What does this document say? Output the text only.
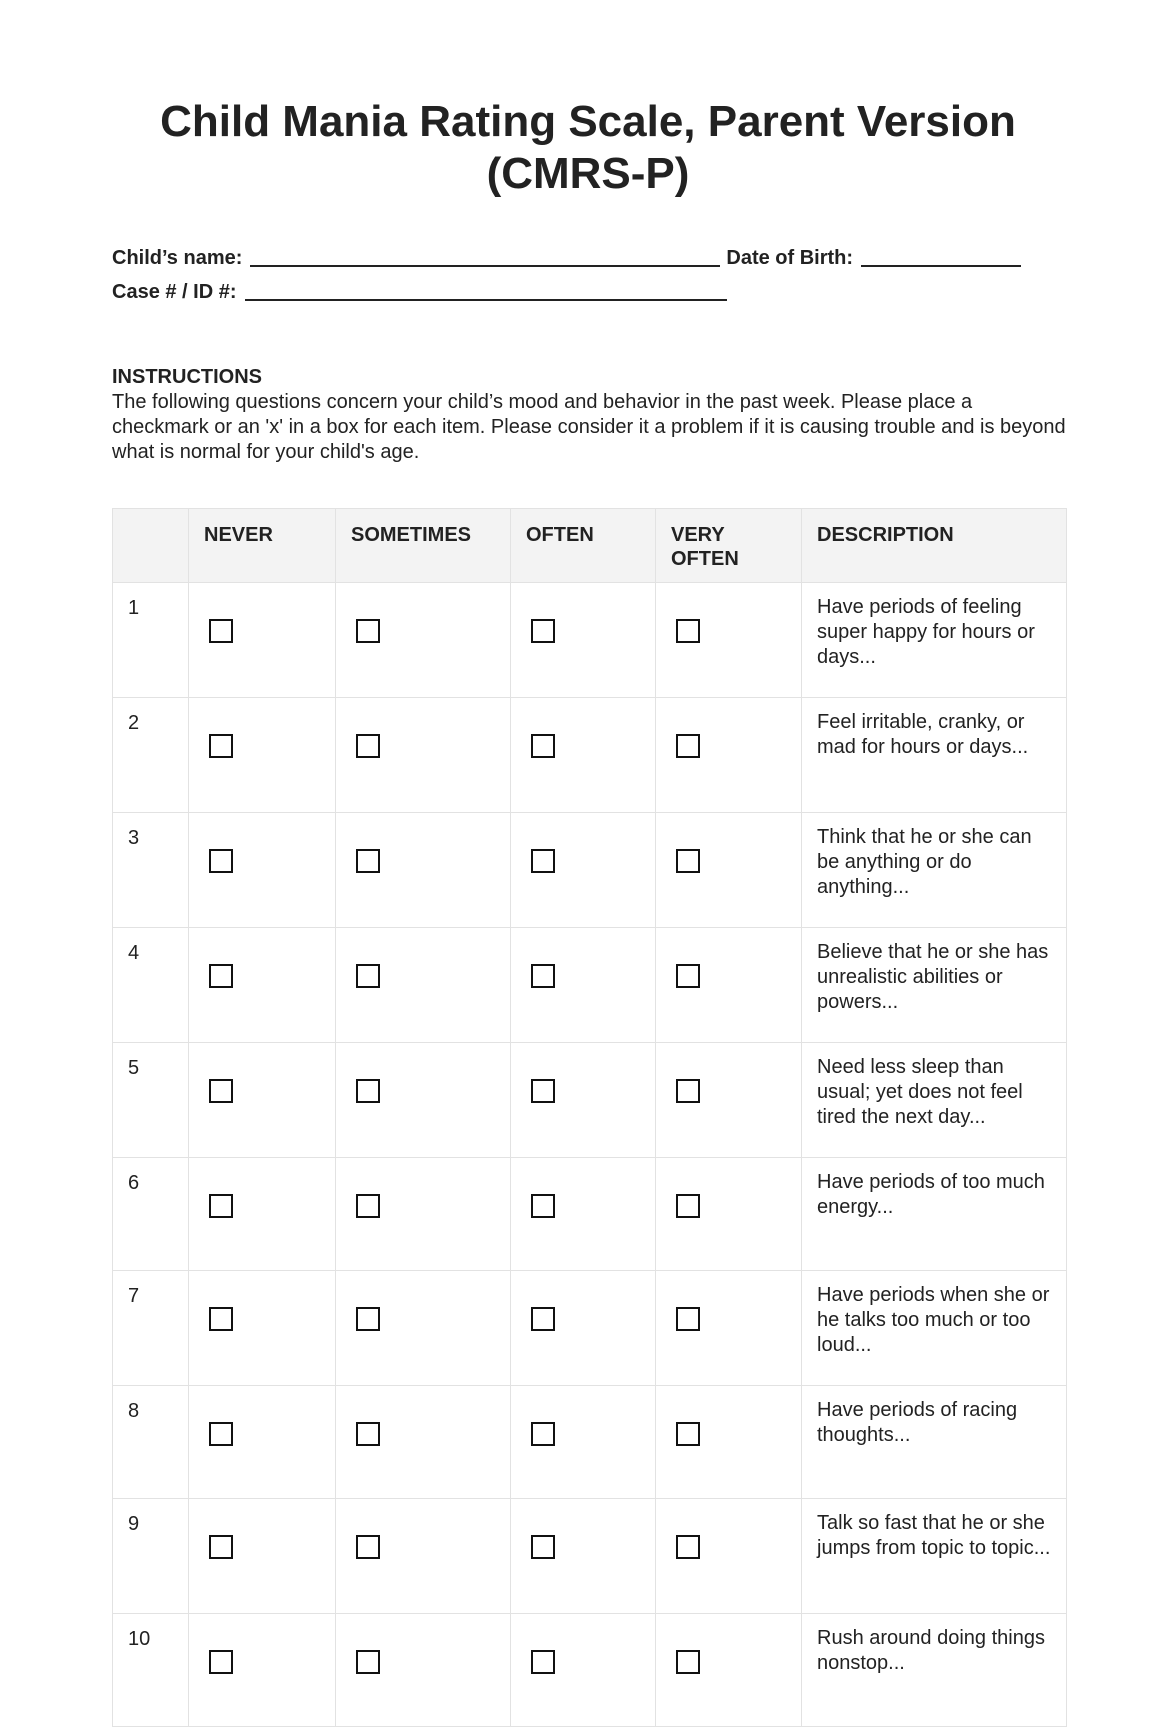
Child Mania Rating Scale, Parent Version
(CMRS-P)
Child’s name:	Date of Birth:
Case # / ID #:
INSTRUCTIONS

The following questions concern your child’s mood and behavior in the past week. Please place a checkmark or an 'x' in a box for each item. Please consider it a problem if it is causing trouble and is beyond what is normal for your child's age.

	NEVER	SOMETIMES	OFTEN	VERY OFTEN	DESCRIPTION
1					Have periods of feeling super happy for hours or days...
2					Feel irritable, cranky, or mad for hours or days...
3					Think that he or she can be anything or do anything...
4					Believe that he or she has unrealistic abilities or powers...
5					Need less sleep than usual; yet does not feel tired the next day...
6					Have periods of too much energy...
7					Have periods when she or he talks too much or too loud...
8					Have periods of racing thoughts...
9					Talk so fast that he or she jumps from topic to topic...
10					Rush around doing things nonstop...
